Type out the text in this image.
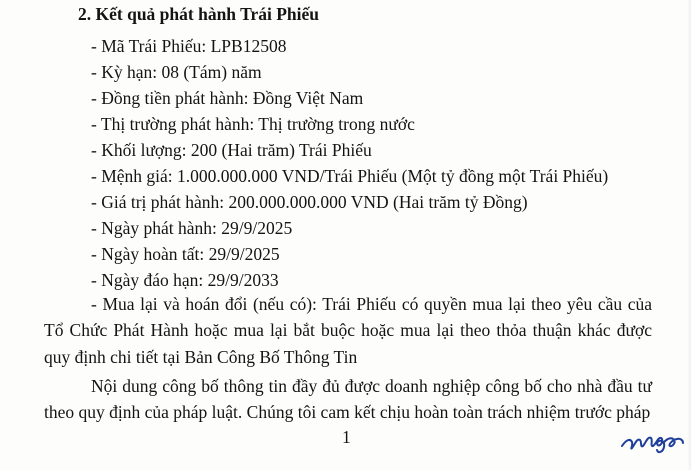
2. Kết quả phát hành Trái Phiếu
- Mã Trái Phiếu: LPB12508
- Kỳ hạn: 08 (Tám) năm
- Đồng tiền phát hành: Đồng Việt Nam
- Thị trường phát hành: Thị trường trong nước
- Khối lượng: 200 (Hai trăm) Trái Phiếu
- Mệnh giá: 1.000.000.000 VND/Trái Phiếu (Một tỷ đồng một Trái Phiếu)
- Giá trị phát hành: 200.000.000.000 VND (Hai trăm tỷ Đồng)
- Ngày phát hành: 29/9/2025
- Ngày hoàn tất: 29/9/2025
- Ngày đáo hạn: 29/9/2033

- Mua lại và hoán đổi (nếu có): Trái Phiếu có quyền mua lại theo yêu cầu của Tổ Chức Phát Hành hoặc mua lại bắt buộc hoặc mua lại theo thỏa thuận khác được quy định chi tiết tại Bản Công Bố Thông Tin

Nội dung công bố thông tin đầy đủ được doanh nghiệp công bố cho nhà đầu tư theo quy định của pháp luật. Chúng tôi cam kết chịu hoàn toàn trách nhiệm trước pháp

1
